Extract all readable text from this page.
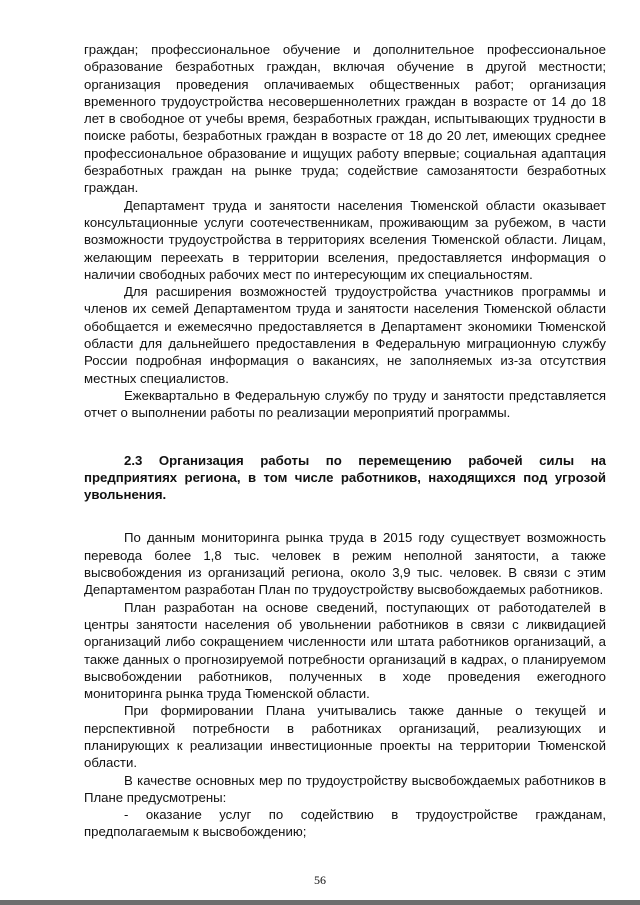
граждан; профессиональное обучение и дополнительное профессиональное образование безработных граждан, включая обучение в другой местности; организация проведения оплачиваемых общественных работ; организация временного трудоустройства несовершеннолетних граждан в возрасте от 14 до 18 лет в свободное от учебы время, безработных граждан, испытывающих трудности в поиске работы, безработных граждан в возрасте от 18 до 20 лет, имеющих среднее профессиональное образование и ищущих работу впервые; социальная адаптация безработных граждан на рынке труда; содействие самозанятости безработных граждан.

Департамент труда и занятости населения Тюменской области оказывает консультационные услуги соотечественникам, проживающим за рубежом, в части возможности трудоустройства в территориях вселения Тюменской области. Лицам, желающим переехать в территории вселения, предоставляется информация о наличии свободных рабочих мест по интересующим их специальностям.

Для расширения возможностей трудоустройства участников программы и членов их семей Департаментом труда и занятости населения Тюменской области обобщается и ежемесячно предоставляется в Департамент экономики Тюменской области для дальнейшего предоставления в Федеральную миграционную службу России подробная информация о вакансиях, не заполняемых из-за отсутствия местных специалистов.

Ежеквартально в Федеральную службу по труду и занятости представляется отчет о выполнении работы по реализации мероприятий программы.

2.3 Организация работы по перемещению рабочей силы на предприятиях региона, в том числе работников, находящихся под угрозой увольнения.

По данным мониторинга рынка труда в 2015 году существует возможность перевода более 1,8 тыс. человек в режим неполной занятости, а также высвобождения из организаций региона, около 3,9 тыс. человек. В связи с этим Департаментом разработан План по трудоустройству высвобождаемых работников.

План разработан на основе сведений, поступающих от работодателей в центры занятости населения об увольнении работников в связи с ликвидацией организаций либо сокращением численности или штата работников организаций, а также данных о прогнозируемой потребности организаций в кадрах, о планируемом высвобождении работников, полученных в ходе проведения ежегодного мониторинга рынка труда Тюменской области.

При формировании Плана учитывались также данные о текущей и перспективной потребности в работниках организаций, реализующих и планирующих к реализации инвестиционные проекты на территории Тюменской области.

В качестве основных мер по трудоустройству высвобождаемых работников в Плане предусмотрены:

- оказание услуг по содействию в трудоустройстве гражданам, предполагаемым к высвобождению;

56
